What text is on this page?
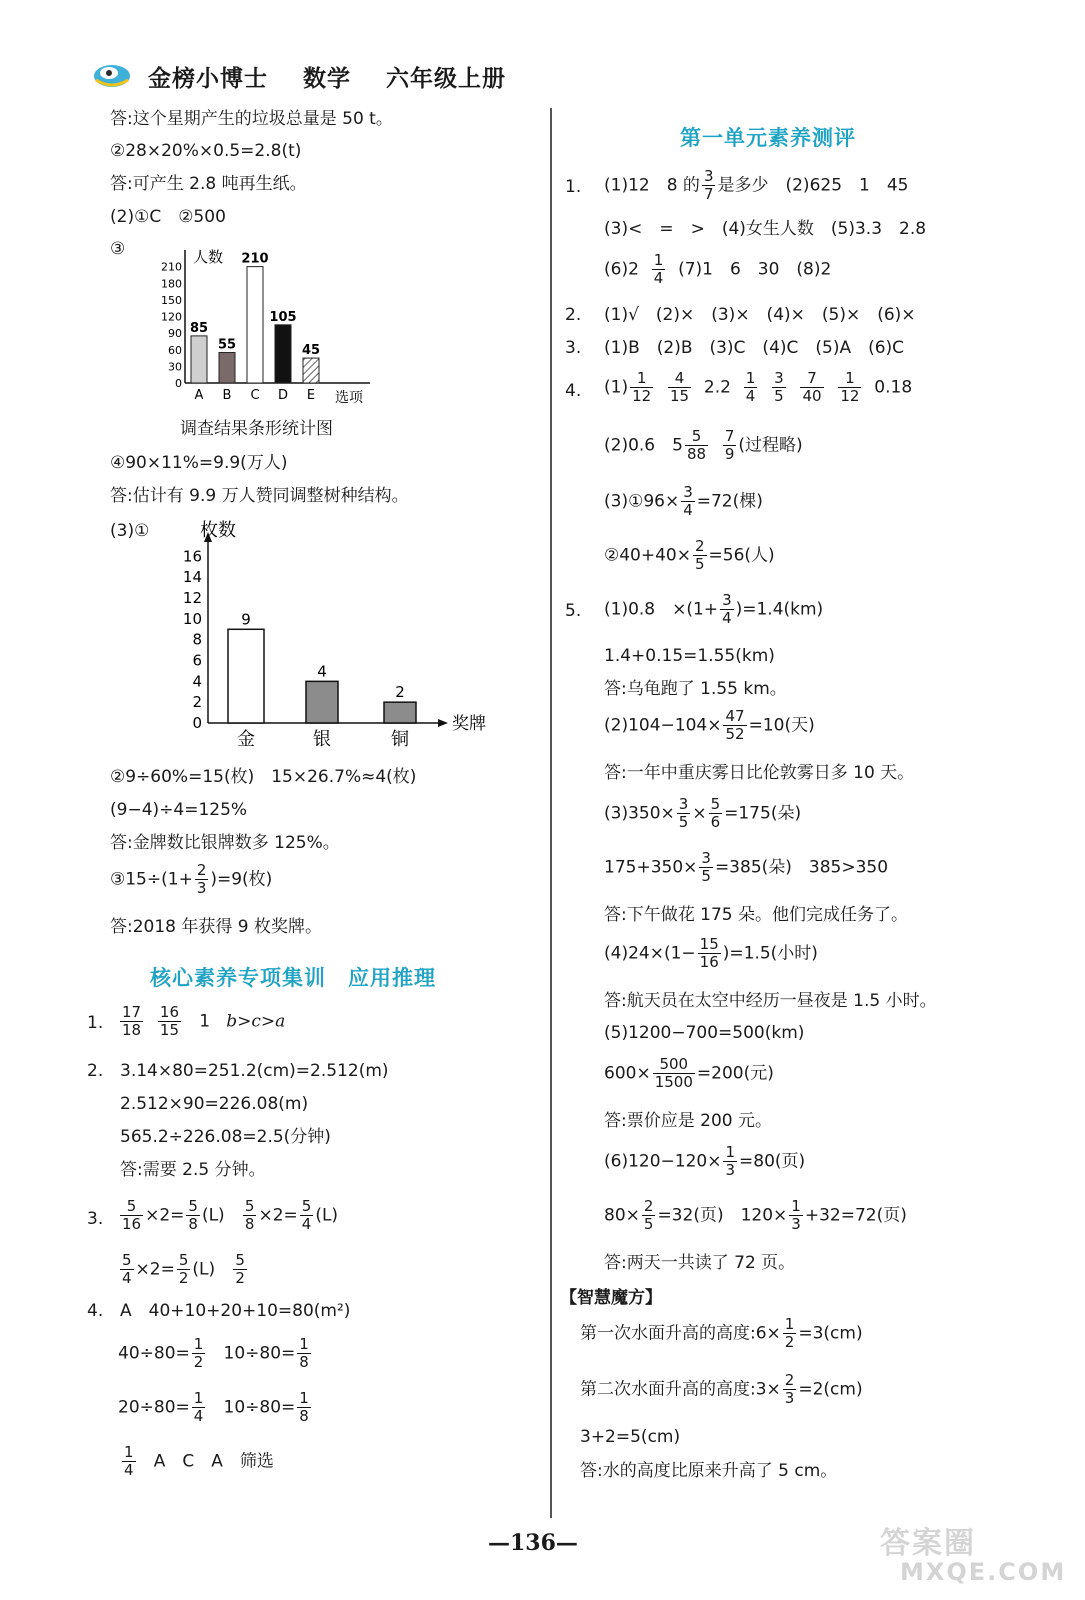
金榜小博士 数学 六年级上册
答:这个星期产生的垃圾总量是 50 t。
②28×20%×0.5=2.8(t)
答:可产生 2.8 吨再生纸。
(2)①C　②500
③	人数
选项
0
30
60
90
120
150
180
210
85
A
55
B
210
C
105
D
45
E
调查结果条形统计图
④90×11%=9.9(万人)
答:估计有 9.9 万人赞同调整树种结构。
(3)①	枚数
奖牌
0
2
4
6
8
10
12
14
16
9
金
4
银
2
铜
②9÷60%=15(枚)　15×26.7%≈4(枚)
(9−4)÷4=125%
答:金牌数比银牌数多 125%。
③15÷(1+ $\frac{2}{3} )=9$(枚)
答:2018 年获得 9 枚奖牌。
核心素养专项集训　应用推理
1. $\frac{17}{18}$
$\frac{16}{15} 1$ b>c>a
2. 3.14×80=251.2(cm)=2.512(m)
2.512×90=226.08(m)
565.2÷226.08=2.5(分钟)
答:需要 2.5 分钟。
3. $\frac{5}{16} \times 2= \frac{5}{8} (L) \frac{5}{8} \times 2= \frac{5}{4} (L)$
$\frac{5}{4} \times 2= \frac{5}{2} (L) \frac{5}{2}$
4. A　40+10+20+10=80(m²)
$40\div 80= \frac{1}{2} 10\div 80= \frac{1}{8}$
$20\div 80= \frac{1}{4} 10\div 80= \frac{1}{8}$
$\frac{1}{4}$ A　C　A　筛选
第一单元素养测评
1. (1)12　8 的 $\frac{3}{7}$ 是多少　(2)625　1　45
(3)<　=　>　(4)女生人数　(5)3.3　2.8
$(6)2 \frac{1}{4} (7)1$　6　30　(8)2
2. (1)√　(2)×　(3)×　(4)×　(5)×　(6)×
3. (1)B　(2)B　(3)C　(4)C　(5)A　(6)C
4. $(1) \frac{1}{12}$
$\frac{4}{15} 2.2 \frac{1}{4}$
$\frac{3}{5}$
$\frac{7}{40}$
$\frac{1}{12} 0.18$
(2)0.6　$5 \frac{5}{88}$
$\frac{7}{9}$ (过程略)
(3)①96× $\frac{3}{4} =72$(棵)
②40+40× $\frac{2}{5} =56$(人)
5. (1)0.8　$\times(1+ \frac{3}{4} )=1.4(km)$
1.4+0.15=1.55(km)
答:乌龟跑了 1.55 km。
$(2)104-104\times \frac{47}{52} =10$(天)
答:一年中重庆雾日比伦敦雾日多 10 天。
$(3)350\times \frac{3}{5} \times \frac{5}{6} =175$(朵)
$175+350\times \frac{3}{5} =385$(朵)　385>350
答:下午做花 175 朵。他们完成任务了。
$(4)24\times(1- \frac{15}{16} )=1.5$(小时)
答:航天员在太空中经历一昼夜是 1.5 小时。
(5)1200−700=500(km)
$600\times \frac{500}{1500} =200$(元)
答:票价应是 200 元。
$(6)120-120\times \frac{1}{3} =80$(页)
$80\times \frac{2}{5} =32$(页)　$120\times \frac{1}{3} +32=72$(页)
答:两天一共读了 72 页。
【智慧魔方】
第一次水面升高的高度:6× $\frac{1}{2} =3(cm)$
第二次水面升高的高度:3× $\frac{2}{3} =2(cm)$
3+2=5(cm)
答:水的高度比原来升高了 5 cm。
—136—	答案圈
MXQE.COM
